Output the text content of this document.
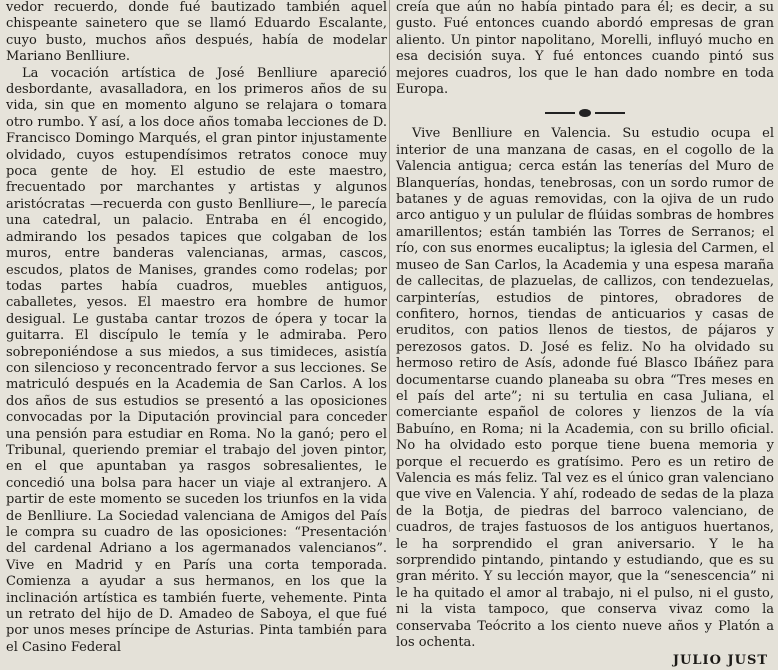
vedor recuerdo, donde fué bautizado también aquel chispeante sainetero que se llamó Eduardo Escalante, cuyo busto, muchos años después, había de modelar Mariano Benlliure.

La vocación artística de José Benlliure apareció desbordante, avasalladora, en los primeros años de su vida, sin que en momento alguno se relajara o tomara otro rumbo. Y así, a los doce años tomaba lecciones de D. Francisco Domingo Marqués, el gran pintor injustamente olvidado, cuyos estupendísimos retratos conoce muy poca gente de hoy. El estudio de este maestro, frecuentado por marchantes y artistas y algunos aristócratas —recuerda con gusto Benlliure—, le parecía una catedral, un palacio. Entraba en él encogido, admirando los pesados tapices que colgaban de los muros, entre banderas valencianas, armas, cascos, escudos, platos de Manises, grandes como rodelas; por todas partes había cuadros, muebles antiguos, caballetes, yesos. El maestro era hombre de humor desigual. Le gustaba cantar trozos de ópera y tocar la guitarra. El discípulo le temía y le admiraba. Pero sobreponiéndose a sus miedos, a sus timideces, asistía con silencioso y reconcentrado fervor a sus lecciones. Se matriculó después en la Academia de San Carlos. A los dos años de sus estudios se presentó a las oposiciones convocadas por la Diputación provincial para conceder una pensión para estudiar en Roma. No la ganó; pero el Tribunal, queriendo premiar el trabajo del joven pintor, en el que apuntaban ya rasgos sobresalientes, le concedió una bolsa para hacer un viaje al extranjero. A partir de este momento se suceden los triunfos en la vida de Benlliure. La Sociedad valenciana de Amigos del País le compra su cuadro de las oposiciones: “Presentación del cardenal Adriano a los agermanados valencianos”. Vive en Madrid y en París una corta temporada. Comienza a ayudar a sus hermanos, en los que la inclinación artística es también fuerte, vehemente. Pinta un retrato del hijo de D. Amadeo de Saboya, el que fué por unos meses príncipe de Asturias. Pinta también para el Casino Federal

creía que aún no había pintado para él; es decir, a su gusto. Fué entonces cuando abordó empresas de gran aliento. Un pintor napolitano, Morelli, influyó mucho en esa decisión suya. Y fué entonces cuando pintó sus mejores cuadros, los que le han dado nombre en toda Europa.

Vive Benlliure en Valencia. Su estudio ocupa el interior de una manzana de casas, en el cogollo de la Valencia antigua; cerca están las tenerías del Muro de Blanquerías, hondas, tenebrosas, con un sordo rumor de batanes y de aguas removidas, con la ojiva de un rudo arco antiguo y un pulular de flúidas sombras de hombres amarillentos; están también las Torres de Serranos; el río, con sus enormes eucaliptus; la iglesia del Carmen, el museo de San Carlos, la Academia y una espesa maraña de callecitas, de plazuelas, de callizos, con tendezuelas, carpinterías, estudios de pintores, obradores de confitero, hornos, tiendas de anticuarios y casas de eruditos, con patios llenos de tiestos, de pájaros y perezosos gatos. D. José es feliz. No ha olvidado su hermoso retiro de Asís, adonde fué Blasco Ibáñez para documentarse cuando planeaba su obra “Tres meses en el país del arte”; ni su tertulia en casa Juliana, el comerciante español de colores y lienzos de la vía Babuíno, en Roma; ni la Academia, con su brillo oficial. No ha olvidado esto porque tiene buena memoria y porque el recuerdo es gratísimo. Pero es un retiro de Valencia es más feliz. Tal vez es el único gran valenciano que vive en Valencia. Y ahí, rodeado de sedas de la plaza de la Botja, de piedras del barroco valenciano, de cuadros, de trajes fastuosos de los antiguos huertanos, le ha sorprendido el gran aniversario. Y le ha sorprendido pintando, pintando y estudiando, que es su gran mérito. Y su lección mayor, que la “senescencia” ni le ha quitado el amor al trabajo, ni el pulso, ni el gusto, ni la vista tampoco, que conserva vivaz como la conservaba Teócrito a los ciento nueve años y Platón a los ochenta.

JULIO JUST
